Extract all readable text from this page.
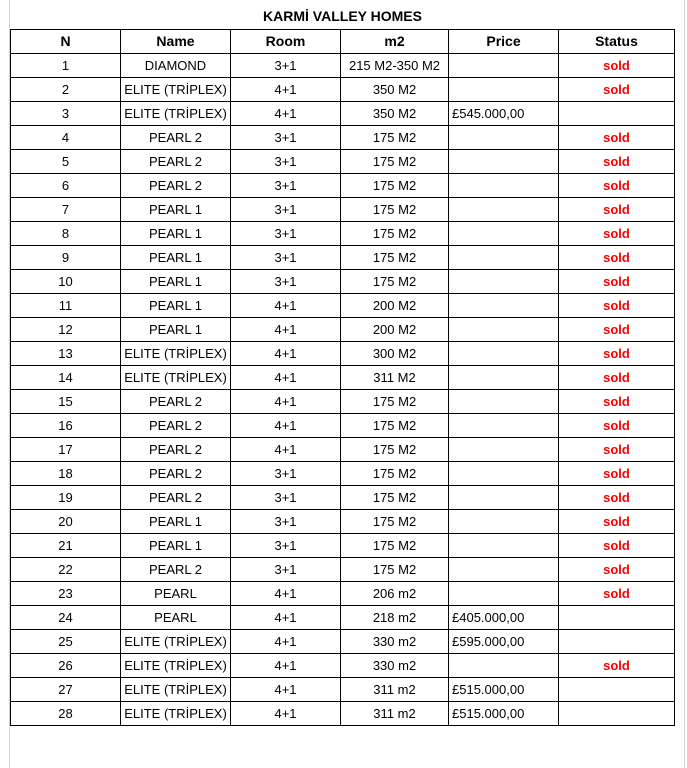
KARMİ VALLEY HOMES					
N	Name	Room	m2	Price	Status
1	DIAMOND	3+1	215 M2-350 M2		sold
2	ELITE (TRİPLEX)	4+1	350 M2		sold
3	ELITE (TRİPLEX)	4+1	350 M2	£545.000,00	
4	PEARL 2	3+1	175 M2		sold
5	PEARL 2	3+1	175 M2		sold
6	PEARL 2	3+1	175 M2		sold
7	PEARL 1	3+1	175 M2		sold
8	PEARL 1	3+1	175 M2		sold
9	PEARL 1	3+1	175 M2		sold
10	PEARL 1	3+1	175 M2		sold
11	PEARL 1	4+1	200 M2		sold
12	PEARL 1	4+1	200 M2		sold
13	ELITE (TRİPLEX)	4+1	300 M2		sold
14	ELITE (TRİPLEX)	4+1	311 M2		sold
15	PEARL 2	4+1	175 M2		sold
16	PEARL 2	4+1	175 M2		sold
17	PEARL 2	4+1	175 M2		sold
18	PEARL 2	3+1	175 M2		sold
19	PEARL 2	3+1	175 M2		sold
20	PEARL 1	3+1	175 M2		sold
21	PEARL 1	3+1	175 M2		sold
22	PEARL 2	3+1	175 M2		sold
23	PEARL	4+1	206 m2		sold
24	PEARL	4+1	218 m2	£405.000,00	
25	ELITE (TRİPLEX)	4+1	330 m2	£595.000,00	
26	ELITE (TRİPLEX)	4+1	330 m2		sold
27	ELITE (TRİPLEX)	4+1	311 m2	£515.000,00	
28	ELITE (TRİPLEX)	4+1	311 m2	£515.000,00	
